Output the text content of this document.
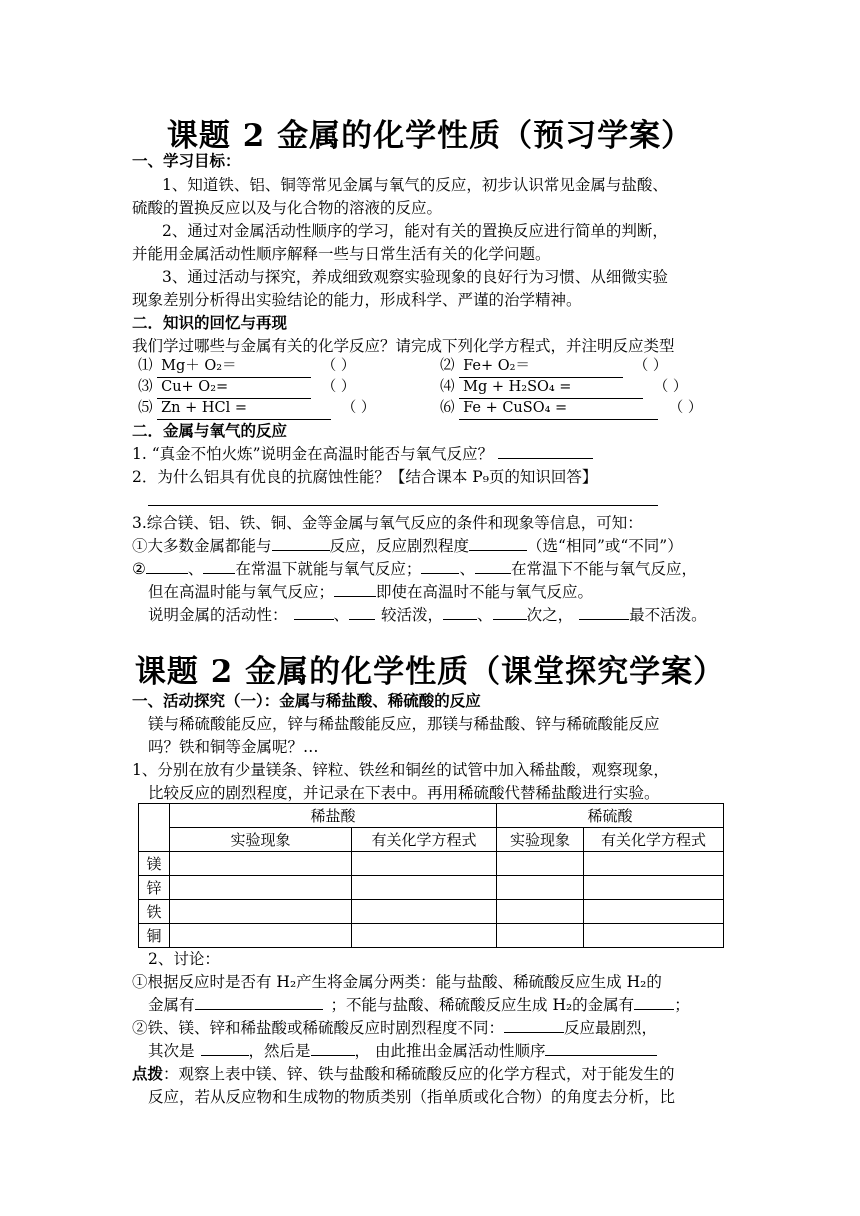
课题 2 金属的化学性质（预习学案）
一、学习目标：
1、知道铁、铝、铜等常见金属与氧气的反应，初步认识常见金属与盐酸、
硫酸的置换反应以及与化合物的溶液的反应。
2、通过对金属活动性顺序的学习，能对有关的置换反应进行简单的判断，
并能用金属活动性顺序解释一些与日常生活有关的化学问题。
3、通过活动与探究，养成细致观察实验现象的良好行为习惯、从细微实验
现象差别分析得出实验结论的能力，形成科学、严谨的治学精神。
二．知识的回忆与再现
我们学过哪些与金属有关的化学反应？请完成下列化学方程式，并注明反应类型
⑴ Mg＋ O₂＝	（ ）	⑵ Fe+ O₂＝	（ ）
⑶ Cu+ O₂=	（ ）	⑷ Mg + H₂SO₄ =	（ ）
⑸ Zn + HCl =	（ ）	⑹ Fe + CuSO₄ =	（ ）
二．金属与氧气的反应
1. “真金不怕火炼”说明金在高温时能否与氧气反应？
2．为什么铝具有优良的抗腐蚀性能？【结合课本 P₉页的知识回答】
3.综合镁、铝、铁、铜、金等金属与氧气反应的条件和现象等信息，可知：
①大多数金属都能与	反应，反应剧烈程度	（选“相同”或“不同”）
②	、 在常温下就能与氧气反应； 、 在常温下不能与氧气反应，
但在高温时能与氧气反应；	即使在高温时不能与氧气反应。
说明金属的活动性：	、 较活泼， 、 次之，	最不活泼。
课题 2 金属的化学性质（课堂探究学案）
一、活动探究（一）：金属与稀盐酸、稀硫酸的反应
镁与稀硫酸能反应，锌与稀盐酸能反应，那镁与稀盐酸、锌与稀硫酸能反应
吗？铁和铜等金属呢？…
1、分别在放有少量镁条、锌粒、铁丝和铜丝的试管中加入稀盐酸，观察现象，
比较反应的剧烈程度，并记录在下表中。再用稀硫酸代替稀盐酸进行实验。
	稀盐酸		稀硫酸	
	实验现象	有关化学方程式	实验现象	有关化学方程式
镁				
锌				
铁				
铜				
2、讨论：
①根据反应时是否有 H₂产生将金属分两类：能与盐酸、稀硫酸反应生成 H₂的
金属有	；不能与盐酸、稀硫酸反应生成 H₂的金属有	；
②铁、镁、锌和稀盐酸或稀硫酸反应时剧烈程度不同：	反应最剧烈，
其次是	，然后是	， 由此推出金属活动性顺序
点拨：观察上表中镁、锌、铁与盐酸和稀硫酸反应的化学方程式，对于能发生的
反应，若从反应物和生成物的物质类别（指单质或化合物）的角度去分析，比
